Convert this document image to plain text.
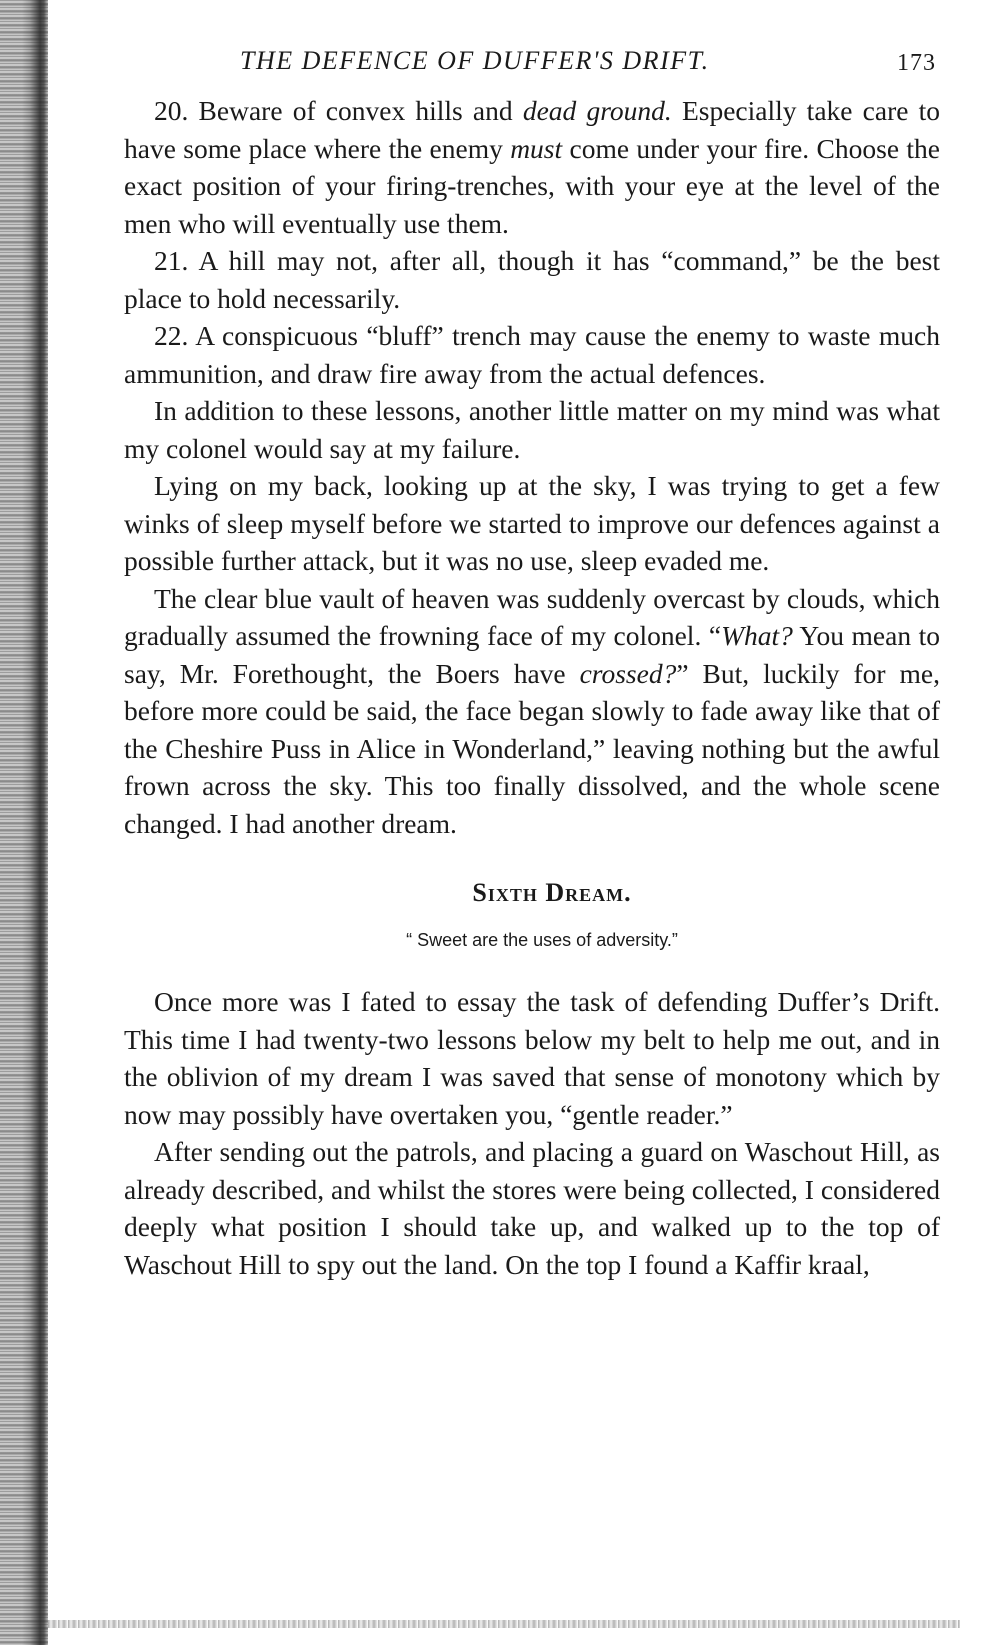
THE DEFENCE OF DUFFER'S DRIFT.	173

20. Beware of convex hills and dead ground. Especially take care to have some place where the enemy must come under your fire. Choose the exact position of your firing-trenches, with your eye at the level of the men who will eventually use them.

21. A hill may not, after all, though it has “command,” be the best place to hold necessarily.

22. A conspicuous “bluff” trench may cause the enemy to waste much ammunition, and draw fire away from the actual defences.

In addition to these lessons, another little matter on my mind was what my colonel would say at my failure.

Lying on my back, looking up at the sky, I was trying to get a few winks of sleep myself before we started to improve our defences against a possible further attack, but it was no use, sleep evaded me.

The clear blue vault of heaven was suddenly overcast by clouds, which gradually assumed the frowning face of my colonel. “What? You mean to say, Mr. Forethought, the Boers have crossed?” But, luckily for me, before more could be said, the face began slowly to fade away like that of the Cheshire Puss in Alice in Wonderland,” leaving nothing but the awful frown across the sky. This too finally dissolved, and the whole scene changed. I had another dream.

Sixth Dream.

“ Sweet are the uses of adversity.”

Once more was I fated to essay the task of defending Duffer’s Drift. This time I had twenty-two lessons below my belt to help me out, and in the oblivion of my dream I was saved that sense of monotony which by now may possibly have overtaken you, “gentle reader.”

After sending out the patrols, and placing a guard on Waschout Hill, as already described, and whilst the stores were being collected, I considered deeply what position I should take up, and walked up to the top of Waschout Hill to spy out the land. On the top I found a Kaffir kraal,
